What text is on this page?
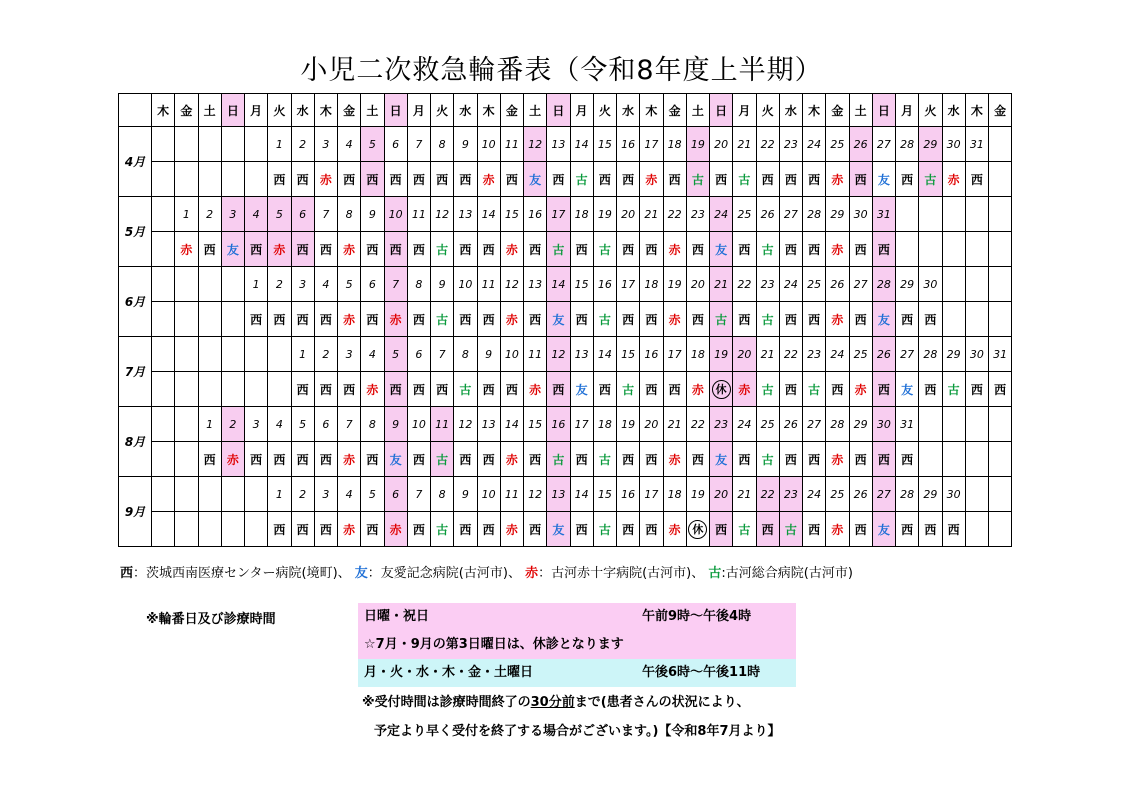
小児二次救急輪番表（令和8年度上半期）
	木	金	土	日	月	火	水	木	金	土	日	月	火	水	木	金	土	日	月	火	水	木	金	土	日	月	火	水	木	金	土	日	月	火	水	木	金
4月						1	2	3	4	5	6	7	8	9	10	11	12	13	14	15	16	17	18	19	20	21	22	23	24	25	26	27	28	29	30	31	
						西	西	赤	西	西	西	西	西	西	赤	西	友	西	古	西	西	赤	西	古	西	古	西	西	西	赤	西	友	西	古	赤	西	
5月		1	2	3	4	5	6	7	8	9	10	11	12	13	14	15	16	17	18	19	20	21	22	23	24	25	26	27	28	29	30	31					
		赤	西	友	西	赤	西	西	赤	西	西	西	古	西	西	赤	西	古	西	古	西	西	赤	西	友	西	古	西	西	赤	西	西					
6月					1	2	3	4	5	6	7	8	9	10	11	12	13	14	15	16	17	18	19	20	21	22	23	24	25	26	27	28	29	30			
					西	西	西	西	赤	西	赤	西	古	西	西	赤	西	友	西	古	西	西	赤	西	古	西	古	西	西	赤	西	友	西	西			
7月							1	2	3	4	5	6	7	8	9	10	11	12	13	14	15	16	17	18	19	20	21	22	23	24	25	26	27	28	29	30	31
							西	西	西	赤	西	西	西	古	西	西	赤	西	友	西	古	西	西	赤	休	赤	古	西	古	西	赤	西	友	西	古	西	西
8月			1	2	3	4	5	6	7	8	9	10	11	12	13	14	15	16	17	18	19	20	21	22	23	24	25	26	27	28	29	30	31				
			西	赤	西	西	西	西	赤	西	友	西	古	西	西	赤	西	古	西	古	西	西	赤	西	友	西	古	西	西	赤	西	西	西				
9月						1	2	3	4	5	6	7	8	9	10	11	12	13	14	15	16	17	18	19	20	21	22	23	24	25	26	27	28	29	30		
						西	西	西	赤	西	赤	西	古	西	西	赤	西	友	西	古	西	西	赤	休	西	古	西	古	西	赤	西	友	西	西	西		
西：茨城西南医療センター病院(境町)、 友：友愛記念病院(古河市)、 赤：古河赤十字病院(古河市)、 古:古河総合病院(古河市)
※輪番日及び診療時間	日曜・祝日	午前9時～午後4時
☆7月・9月の第3日曜日は、休診となります
月・火・水・木・金・土曜日	午後6時～午後11時
※受付時間は診療時間終了の30分前まで(患者さんの状況により、
予定より早く受付を終了する場合がございます。)【令和8年7月より】
